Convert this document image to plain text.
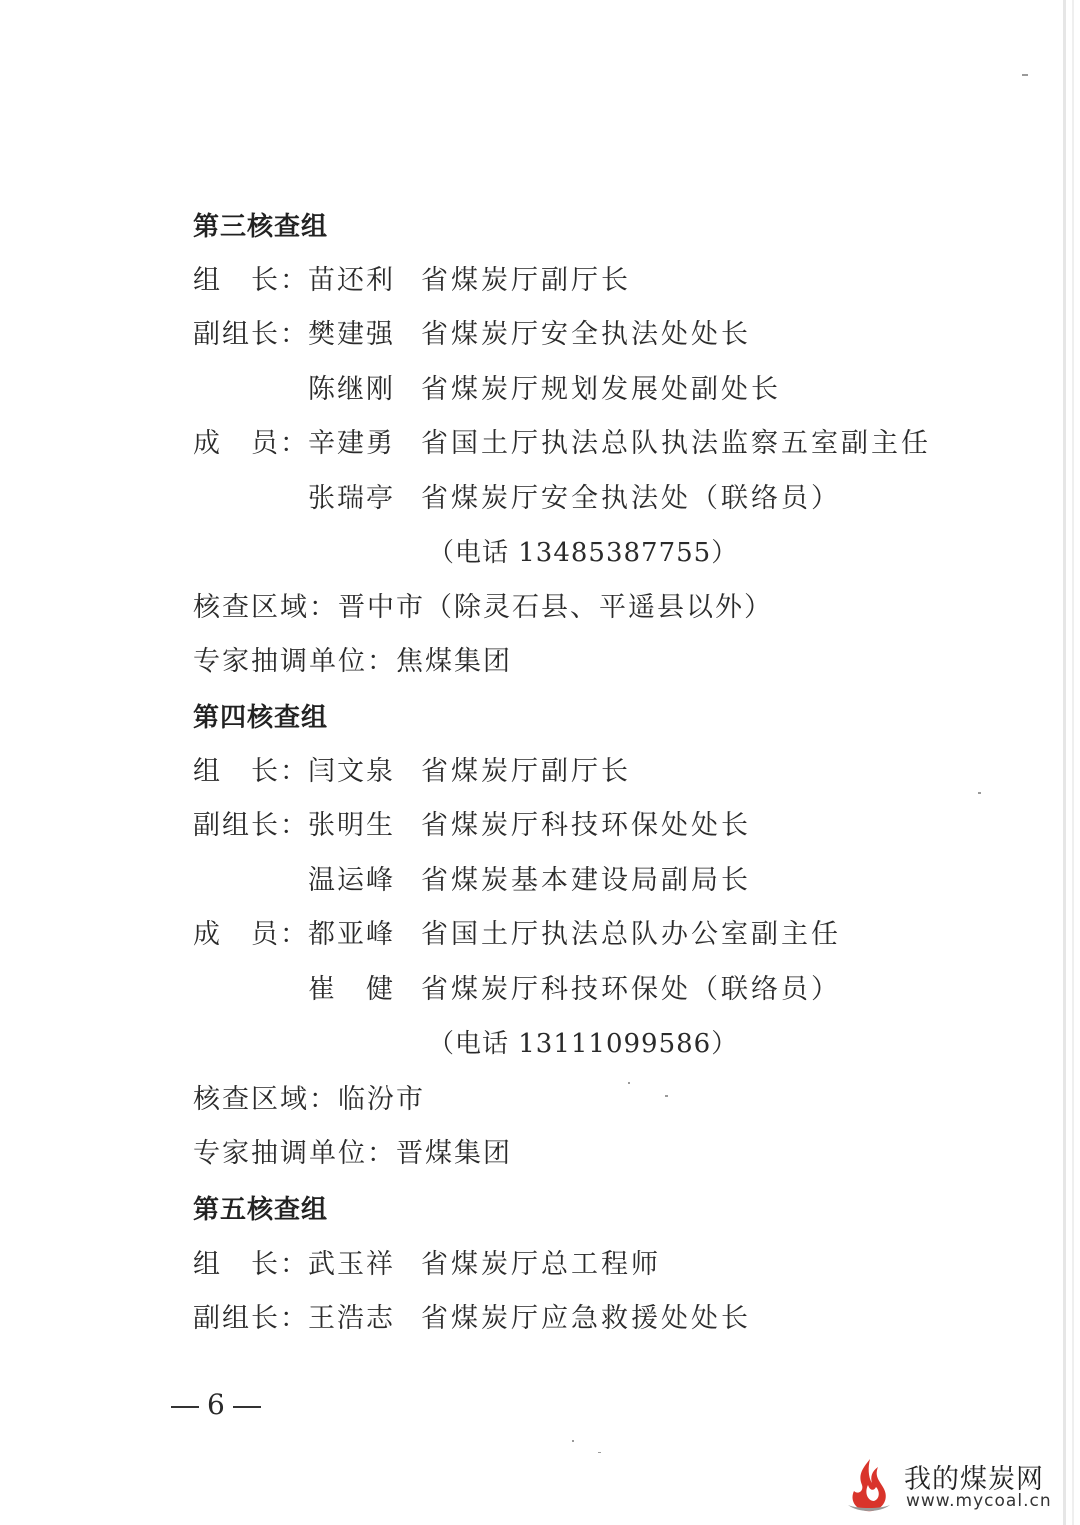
第三核查组
组　长：苗还利 省煤炭厅副厅长
副组长：樊建强 省煤炭厅安全执法处处长
陈继刚 省煤炭厅规划发展处副处长
成　员：辛建勇 省国土厅执法总队执法监察五室副主任
张瑞亭 省煤炭厅安全执法处（联络员）
（电话 13485387755）
核查区域：晋中市（除灵石县、平遥县以外）
专家抽调单位：焦煤集团
第四核查组
组　长：闫文泉 省煤炭厅副厅长
副组长：张明生 省煤炭厅科技环保处处长
温运峰 省煤炭基本建设局副局长
成　员：都亚峰 省国土厅执法总队办公室副主任
崔　健 省煤炭厅科技环保处（联络员）
（电话 13111099586）
核查区域：临汾市
专家抽调单位：晋煤集团
第五核查组
组　长：武玉祥 省煤炭厅总工程师
副组长：王浩志 省煤炭厅应急救援处处长
6
我的煤炭网
www.mycoal.cn
